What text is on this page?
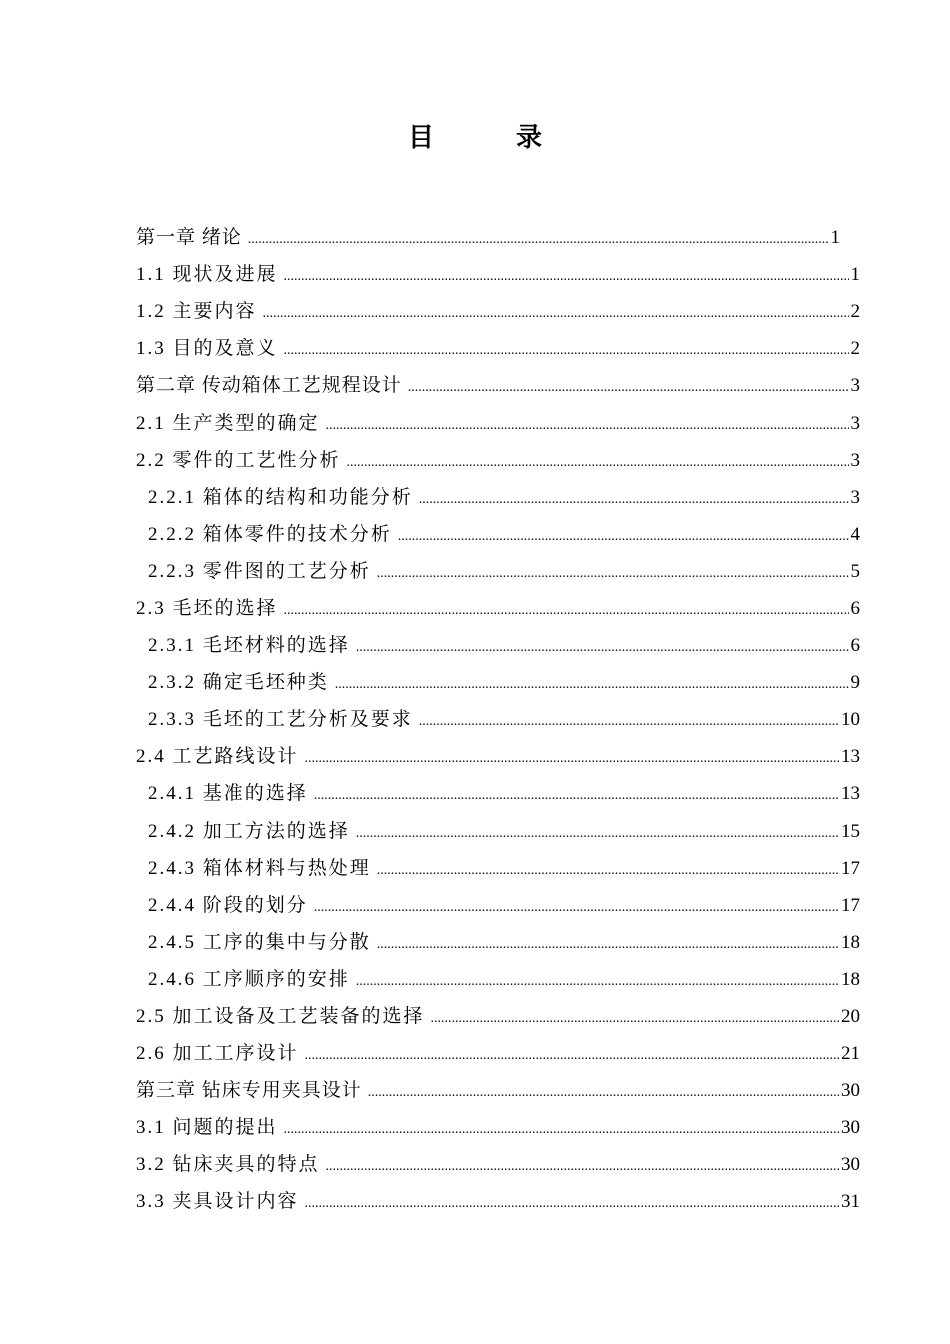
目　录
第一章 绪论 .....	1
1.1 现状及进展 .....	1
1.2 主要内容 .....	2
1.3 目的及意义 .....	2
第二章 传动箱体工艺规程设计 .....	3
2.1 生产类型的确定 .....	3
2.2 零件的工艺性分析 .....	3
2.2.1 箱体的结构和功能分析 .....	3
2.2.2 箱体零件的技术分析 .....	4
2.2.3 零件图的工艺分析 .....	5
2.3 毛坯的选择 .....	6
2.3.1 毛坯材料的选择 .....	6
2.3.2 确定毛坯种类 .....	9
2.3.3 毛坯的工艺分析及要求 .....	10
2.4 工艺路线设计 .....	13
2.4.1 基准的选择 .....	13
2.4.2 加工方法的选择 .....	15
2.4.3 箱体材料与热处理 .....	17
2.4.4 阶段的划分 .....	17
2.4.5 工序的集中与分散 .....	18
2.4.6 工序顺序的安排 .....	18
2.5 加工设备及工艺装备的选择 .....	20
2.6 加工工序设计 .....	21
第三章 钻床专用夹具设计 .....	30
3.1 问题的提出 .....	30
3.2 钻床夹具的特点 .....	30
3.3 夹具设计内容 .....	31
